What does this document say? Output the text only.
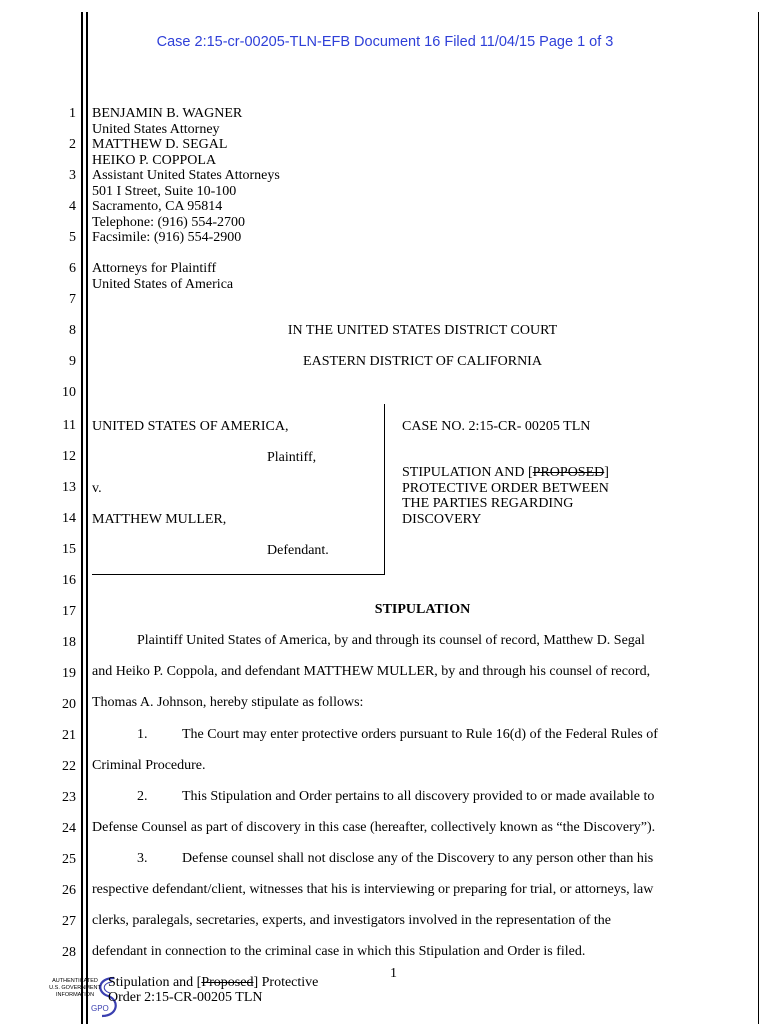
Case 2:15-cr-00205-TLN-EFB Document 16 Filed 11/04/15 Page 1 of 3
1
2
3
4
5
6
7
8
9
10
11
12
13
14
15
16
17
18
19
20
21
22
23
24
25
26
27
28
BENJAMIN B. WAGNER
United States Attorney
MATTHEW D. SEGAL
HEIKO P. COPPOLA
Assistant United States Attorneys
501 I Street, Suite 10-100
Sacramento, CA 95814
Telephone: (916) 554-2700
Facsimile: (916) 554-2900
Attorneys for Plaintiff
United States of America
IN THE UNITED STATES DISTRICT COURT
EASTERN DISTRICT OF CALIFORNIA
UNITED STATES OF AMERICA,
Plaintiff,
v.
MATTHEW MULLER,
Defendant.
CASE NO. 2:15-CR- 00205 TLN
STIPULATION AND [PROPOSED]
PROTECTIVE ORDER BETWEEN
THE PARTIES REGARDING
DISCOVERY
STIPULATION
Plaintiff United States of America, by and through its counsel of record, Matthew D. Segal
and Heiko P. Coppola, and defendant MATTHEW MULLER, by and through his counsel of record,
Thomas A. Johnson, hereby stipulate as follows:
1. The Court may enter protective orders pursuant to Rule 16(d) of the Federal Rules of
Criminal Procedure.
2. This Stipulation and Order pertains to all discovery provided to or made available to
Defense Counsel as part of discovery in this case (hereafter, collectively known as “the Discovery”).
3. Defense counsel shall not disclose any of the Discovery to any person other than his
respective defendant/client, witnesses that his is interviewing or preparing for trial, or attorneys, law
clerks, paralegals, secretaries, experts, and investigators involved in the representation of the
defendant in connection to the criminal case in which this Stipulation and Order is filed.
1
AUTHENTICATED
U.S. GOVERNMENT
INFORMATION
GPO
Stipulation and [Proposed] Protective
Order 2:15-CR-00205 TLN
